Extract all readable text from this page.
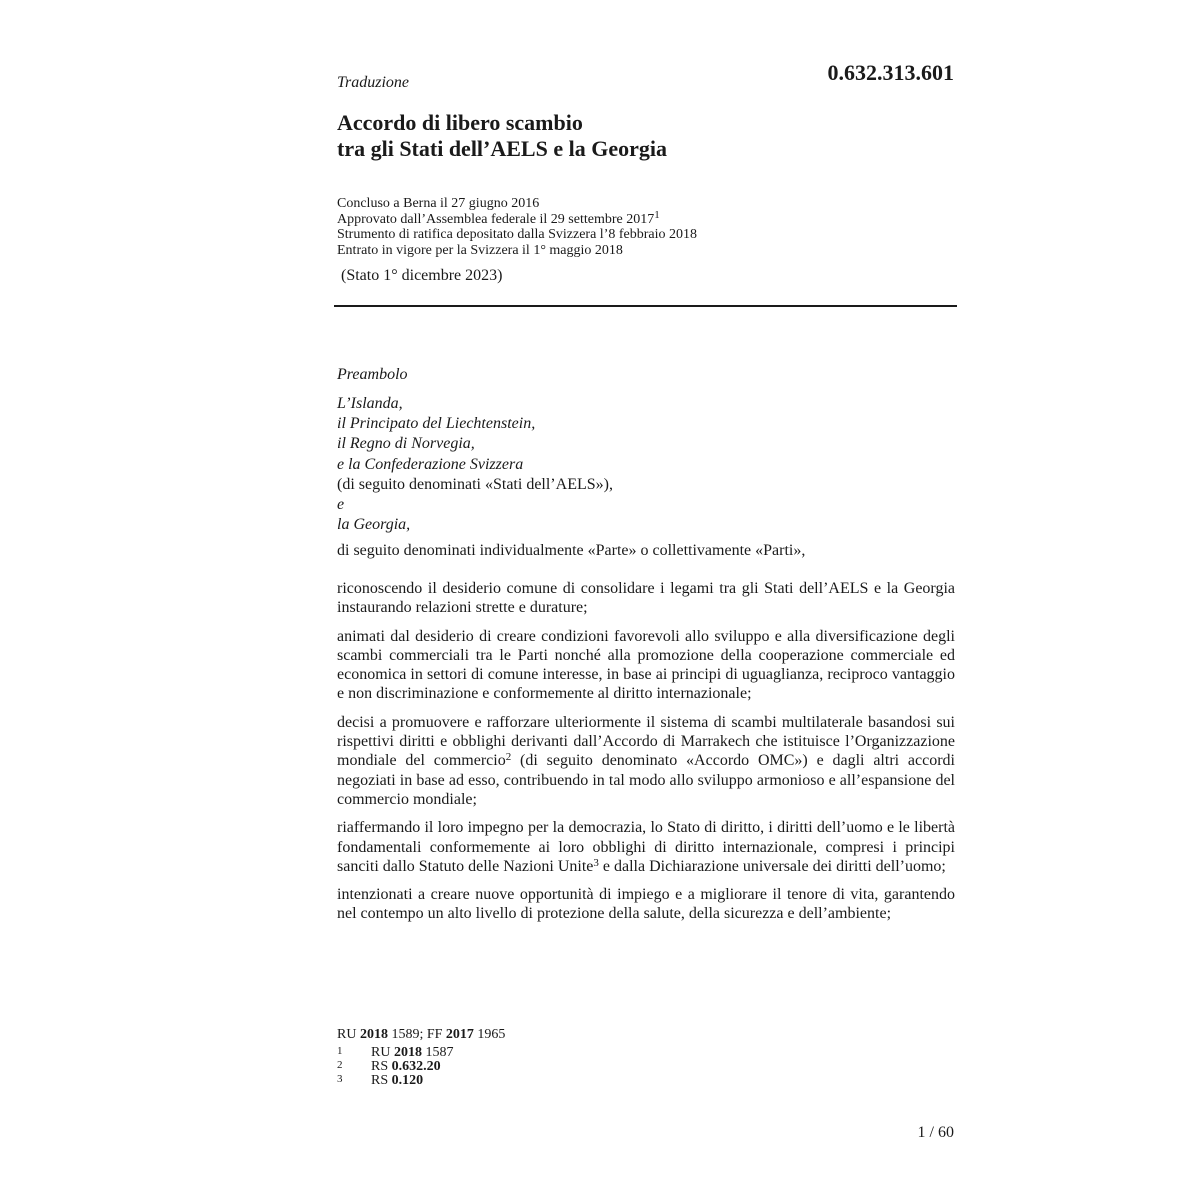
Traduzione	0.632.313.601
Accordo di libero scambio
tra gli Stati dell’AELS e la Georgia
Concluso a Berna il 27 giugno 2016
Approvato dall’Assemblea federale il 29 settembre 2017$^1$
Strumento di ratifica depositato dalla Svizzera l’8 febbraio 2018
Entrato in vigore per la Svizzera il 1° maggio 2018
(Stato 1° dicembre 2023)
Preambolo
L’Islanda,
il Principato del Liechtenstein,
il Regno di Norvegia,
e la Confederazione Svizzera
(di seguito denominati «Stati dell’AELS»),
e
la Georgia,
di seguito denominati individualmente «Parte» o collettivamente «Parti»,

riconoscendo il desiderio comune di consolidare i legami tra gli Stati dell’AELS e la Georgia instaurando relazioni strette e durature;

animati dal desiderio di creare condizioni favorevoli allo sviluppo e alla diversificazione degli scambi commerciali tra le Parti nonché alla promozione della cooperazione commerciale ed economica in settori di comune interesse, in base ai principi di uguaglianza, reciproco vantaggio e non discriminazione e conformemente al diritto internazionale;

decisi a promuovere e rafforzare ulteriormente il sistema di scambi multilaterale basandosi sui rispettivi diritti e obblighi derivanti dall’Accordo di Marrakech che istituisce l’Organizzazione mondiale del commercio$^2$ (di seguito denominato «Accordo OMC») e dagli altri accordi negoziati in base ad esso, contribuendo in tal modo allo sviluppo armonioso e all’espansione del commercio mondiale;

riaffermando il loro impegno per la democrazia, lo Stato di diritto, i diritti dell’uomo e le libertà fondamentali conformemente ai loro obblighi di diritto internazionale, compresi i principi sanciti dallo Statuto delle Nazioni Unite$^3$ e dalla Dichiarazione universale dei diritti dell’uomo;

intenzionati a creare nuove opportunità di impiego e a migliorare il tenore di vita, garantendo nel contempo un alto livello di protezione della salute, della sicurezza e dell’ambiente;

RU 2018 1589; FF 2017 1965
1	RU 2018 1587
2	RS 0.632.20
3	RS 0.120
1 / 60
